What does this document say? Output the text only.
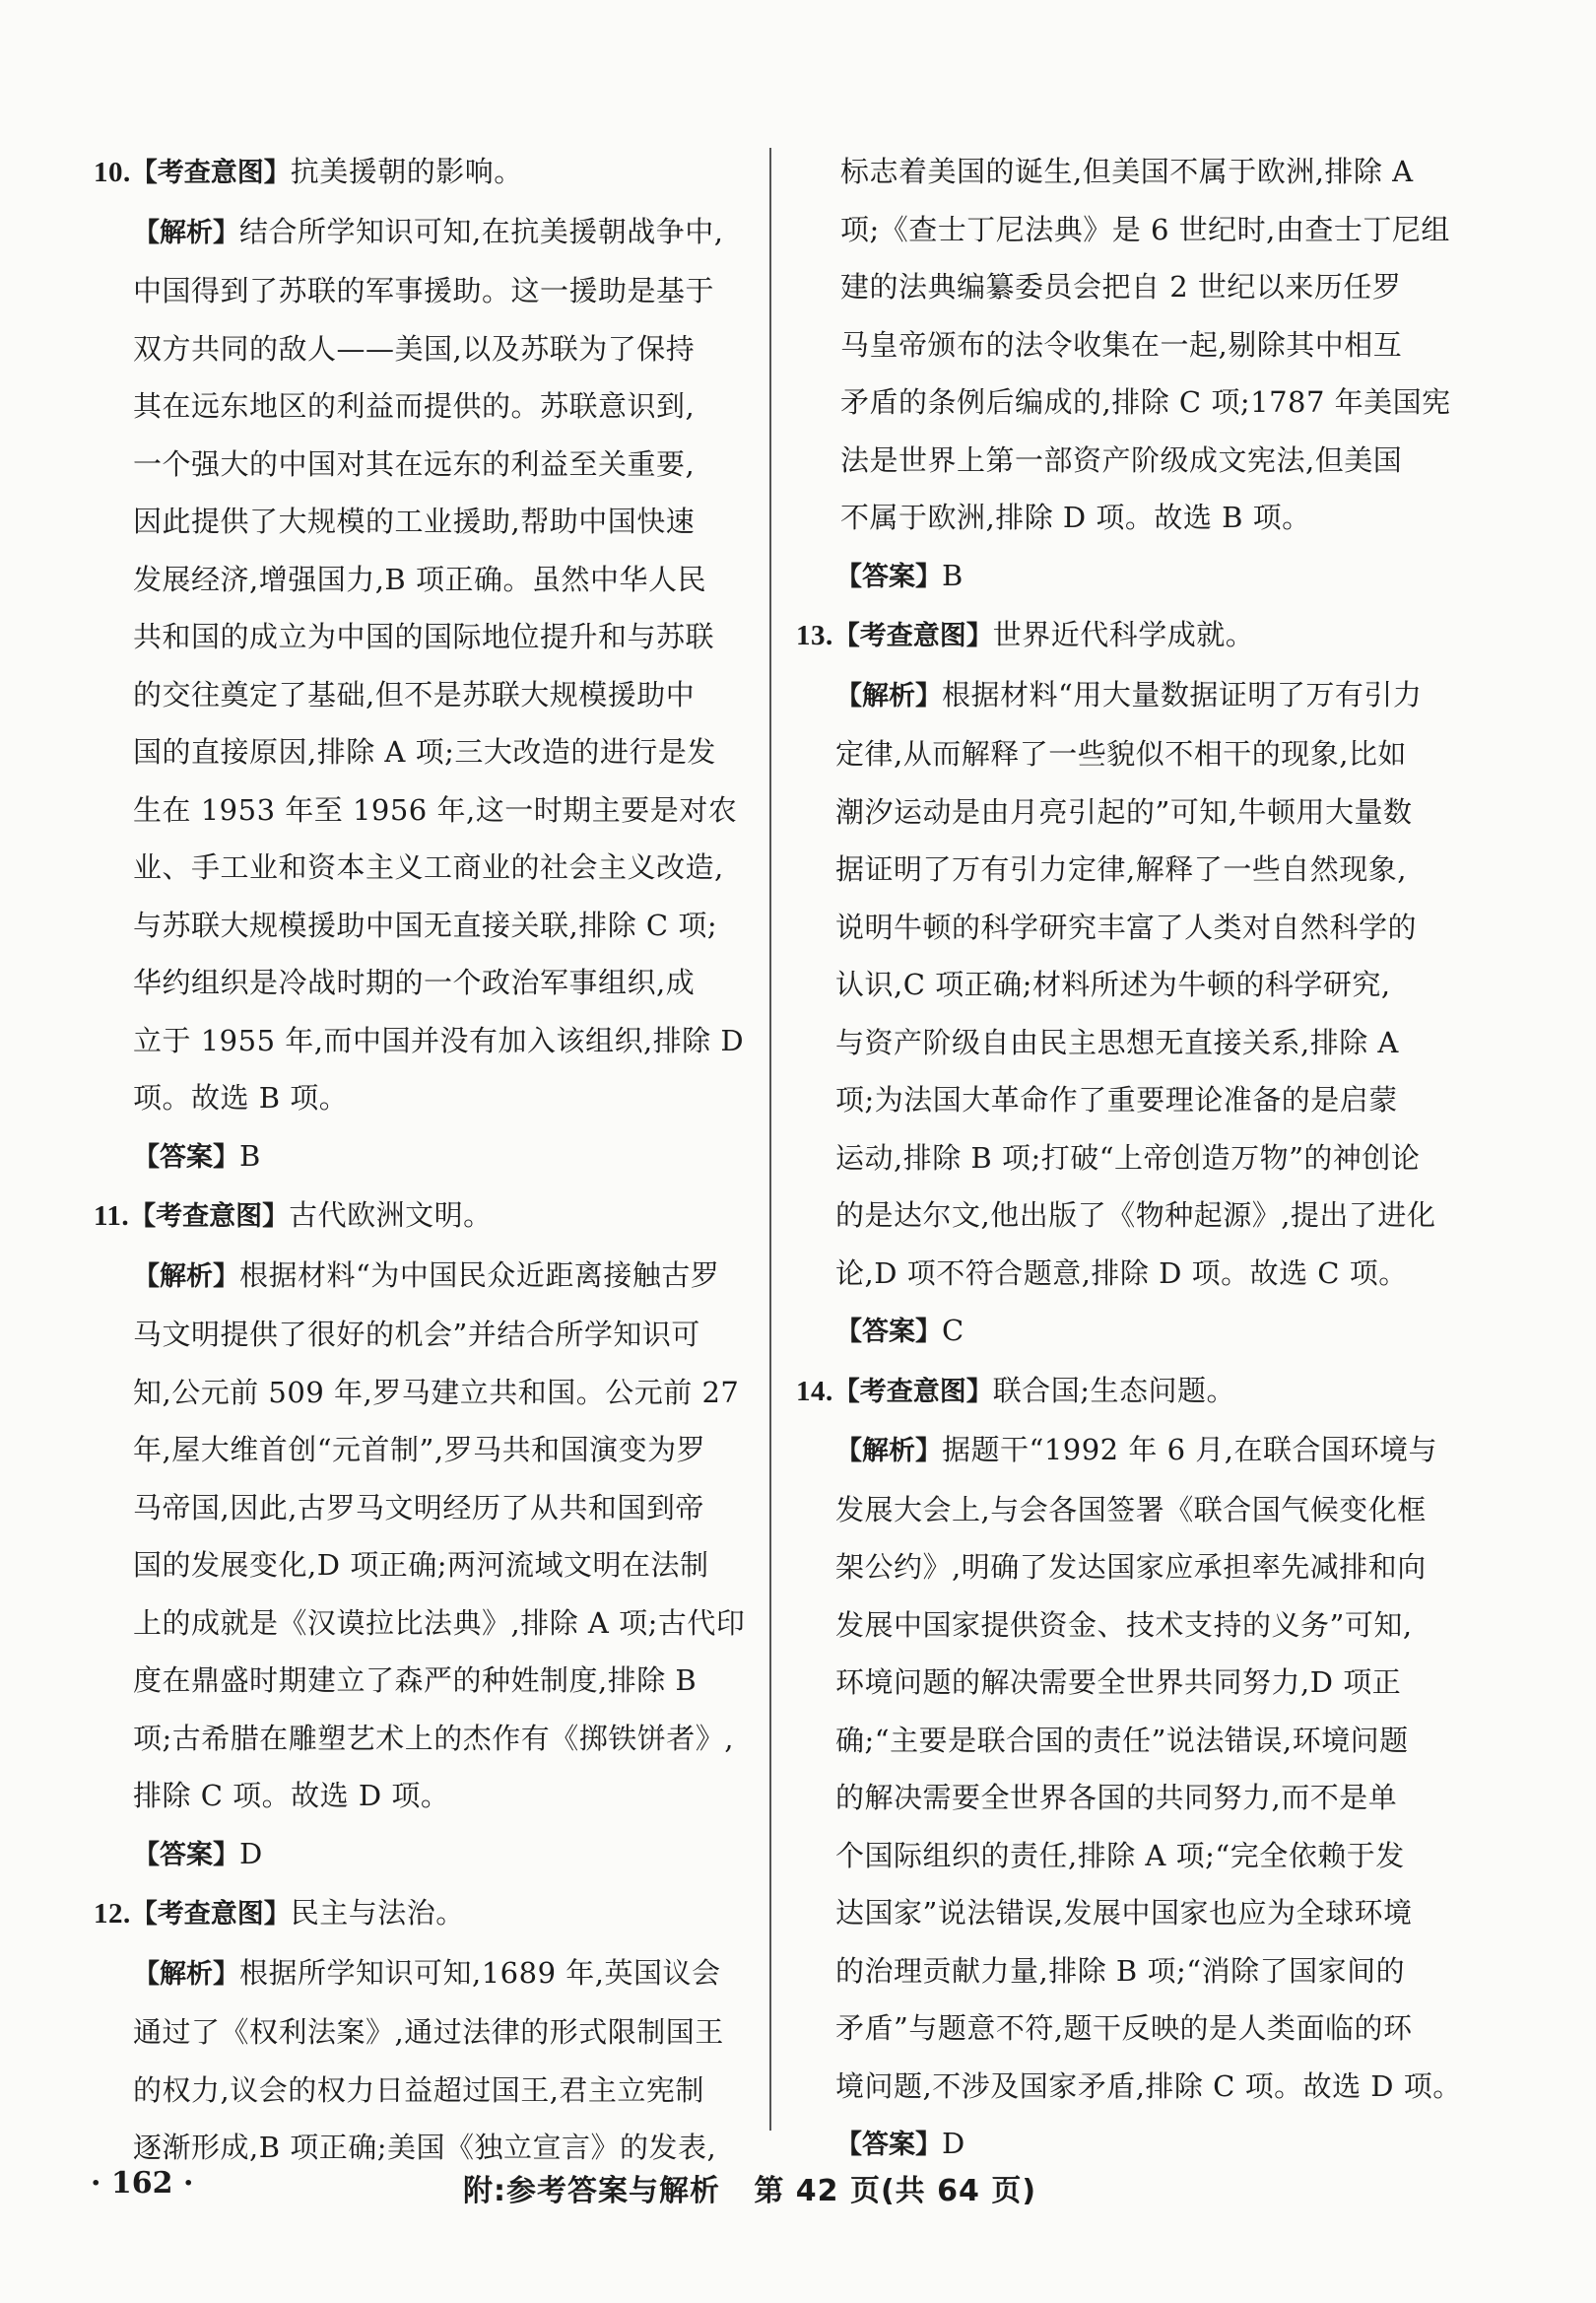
10.【考查意图】抗美援朝的影响。

【解析】结合所学知识可知,在抗美援朝战争中,

中国得到了苏联的军事援助。这一援助是基于

双方共同的敌人——美国,以及苏联为了保持

其在远东地区的利益而提供的。苏联意识到,

一个强大的中国对其在远东的利益至关重要,

因此提供了大规模的工业援助,帮助中国快速

发展经济,增强国力,B 项正确。虽然中华人民

共和国的成立为中国的国际地位提升和与苏联

的交往奠定了基础,但不是苏联大规模援助中

国的直接原因,排除 A 项;三大改造的进行是发

生在 1953 年至 1956 年,这一时期主要是对农

业、手工业和资本主义工商业的社会主义改造,

与苏联大规模援助中国无直接关联,排除 C 项;

华约组织是冷战时期的一个政治军事组织,成

立于 1955 年,而中国并没有加入该组织,排除 D

项。故选 B 项。

【答案】B

11.【考查意图】古代欧洲文明。

【解析】根据材料“为中国民众近距离接触古罗

马文明提供了很好的机会”并结合所学知识可

知,公元前 509 年,罗马建立共和国。公元前 27

年,屋大维首创“元首制”,罗马共和国演变为罗

马帝国,因此,古罗马文明经历了从共和国到帝

国的发展变化,D 项正确;两河流域文明在法制

上的成就是《汉谟拉比法典》,排除 A 项;古代印

度在鼎盛时期建立了森严的种姓制度,排除 B

项;古希腊在雕塑艺术上的杰作有《掷铁饼者》,

排除 C 项。故选 D 项。

【答案】D

12.【考查意图】民主与法治。

【解析】根据所学知识可知,1689 年,英国议会

通过了《权利法案》,通过法律的形式限制国王

的权力,议会的权力日益超过国王,君主立宪制

逐渐形成,B 项正确;美国《独立宣言》的发表,

标志着美国的诞生,但美国不属于欧洲,排除 A

项;《查士丁尼法典》是 6 世纪时,由查士丁尼组

建的法典编纂委员会把自 2 世纪以来历任罗

马皇帝颁布的法令收集在一起,剔除其中相互

矛盾的条例后编成的,排除 C 项;1787 年美国宪

法是世界上第一部资产阶级成文宪法,但美国

不属于欧洲,排除 D 项。故选 B 项。

【答案】B

13.【考查意图】世界近代科学成就。

【解析】根据材料“用大量数据证明了万有引力

定律,从而解释了一些貌似不相干的现象,比如

潮汐运动是由月亮引起的”可知,牛顿用大量数

据证明了万有引力定律,解释了一些自然现象,

说明牛顿的科学研究丰富了人类对自然科学的

认识,C 项正确;材料所述为牛顿的科学研究,

与资产阶级自由民主思想无直接关系,排除 A

项;为法国大革命作了重要理论准备的是启蒙

运动,排除 B 项;打破“上帝创造万物”的神创论

的是达尔文,他出版了《物种起源》,提出了进化

论,D 项不符合题意,排除 D 项。故选 C 项。

【答案】C

14.【考查意图】联合国;生态问题。

【解析】据题干“1992 年 6 月,在联合国环境与

发展大会上,与会各国签署《联合国气候变化框

架公约》,明确了发达国家应承担率先减排和向

发展中国家提供资金、技术支持的义务”可知,

环境问题的解决需要全世界共同努力,D 项正

确;“主要是联合国的责任”说法错误,环境问题

的解决需要全世界各国的共同努力,而不是单

个国际组织的责任,排除 A 项;“完全依赖于发

达国家”说法错误,发展中国家也应为全球环境

的治理贡献力量,排除 B 项;“消除了国家间的

矛盾”与题意不符,题干反映的是人类面临的环

境问题,不涉及国家矛盾,排除 C 项。故选 D 项。

【答案】D

· 162 ·	附:参考答案与解析   第 42 页(共 64 页)
